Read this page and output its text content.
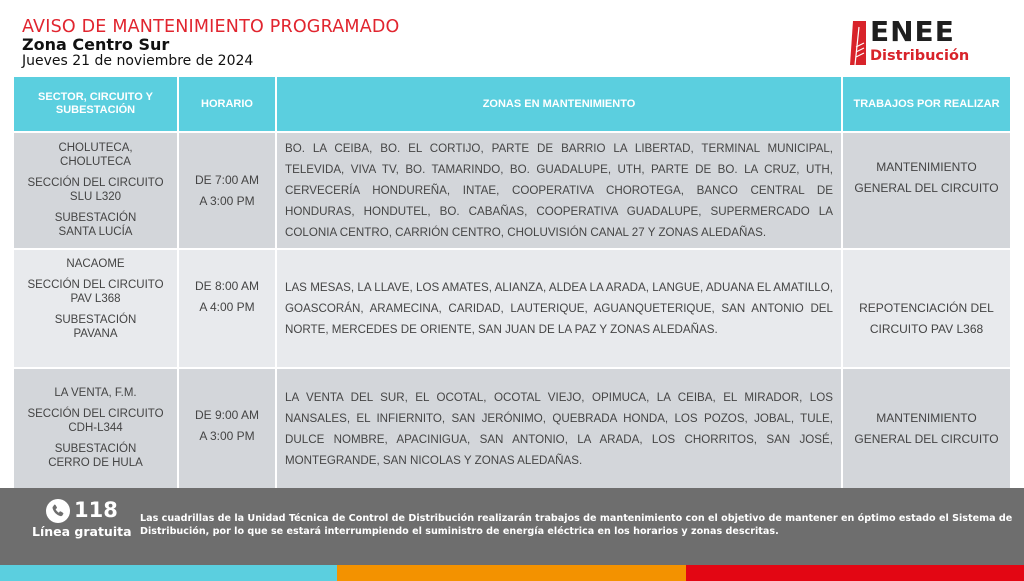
AVISO DE MANTENIMIENTO PROGRAMADO
Zona Centro Sur
Jueves 21 de noviembre de 2024
ENEE
Distribución
SECTOR, CIRCUITO Y SUBESTACIÓN
HORARIO	ZONAS EN MANTENIMIENTO	TRABAJOS POR REALIZAR
CHOLUTECA, CHOLUTECA
SECCIÓN DEL CIRCUITO
SLU L320
SUBESTACIÓN
SANTA LUCÍA
DE 7:00 AM
A 3:00 PM

BO. LA CEIBA, BO. EL CORTIJO, PARTE DE BARRIO LA LIBERTAD, TERMINAL MUNICIPAL, TELEVIDA, VIVA TV, BO. TAMARINDO, BO. GUADALUPE, UTH, PARTE DE BO. LA CRUZ, UTH, CERVECERÍA HONDUREÑA, INTAE, COOPERATIVA CHOROTEGA, BANCO CENTRAL DE HONDURAS, HONDUTEL, BO. CABAÑAS, COOPERATIVA GUADALUPE, SUPERMERCADO LA COLONIA CENTRO, CARRIÓN CENTRO, CHOLUVISIÓN CANAL 27 Y ZONAS ALEDAÑAS.

MANTENIMIENTO GENERAL DEL CIRCUITO
NACAOME
SECCIÓN DEL CIRCUITO
PAV L368
SUBESTACIÓN
PAVANA
DE 8:00 AM
A 4:00 PM

LAS MESAS, LA LLAVE, LOS AMATES, ALIANZA, ALDEA LA ARADA, LANGUE, ADUANA EL AMATILLO, GOASCORÁN, ARAMECINA, CARIDAD, LAUTERIQUE, AGUANQUETERIQUE, SAN ANTONIO DEL NORTE, MERCEDES DE ORIENTE, SAN JUAN DE LA PAZ Y ZONAS ALEDAÑAS.

REPOTENCIACIÓN DEL CIRCUITO PAV L368
LA VENTA, F.M.
SECCIÓN DEL CIRCUITO
CDH-L344
SUBESTACIÓN
CERRO DE HULA
DE 9:00 AM
A 3:00 PM

LA VENTA DEL SUR, EL OCOTAL, OCOTAL VIEJO, OPIMUCA, LA CEIBA, EL MIRADOR, LOS NANSALES, EL INFIERNITO, SAN JERÓNIMO, QUEBRADA HONDA, LOS POZOS, JOBAL, TULE, DULCE NOMBRE, APACINIGUA, SAN ANTONIO, LA ARADA, LOS CHORRITOS, SAN JOSÉ, MONTEGRANDE, SAN NICOLAS Y ZONAS ALEDAÑAS.

MANTENIMIENTO GENERAL DEL CIRCUITO
118
Línea gratuita
Las cuadrillas de la Unidad Técnica de Control de Distribución realizarán trabajos de mantenimiento con el objetivo de mantener en óptimo estado el Sistema de Distribución, por lo que se estará interrumpiendo el suministro de energía eléctrica en los horarios y zonas descritas.
